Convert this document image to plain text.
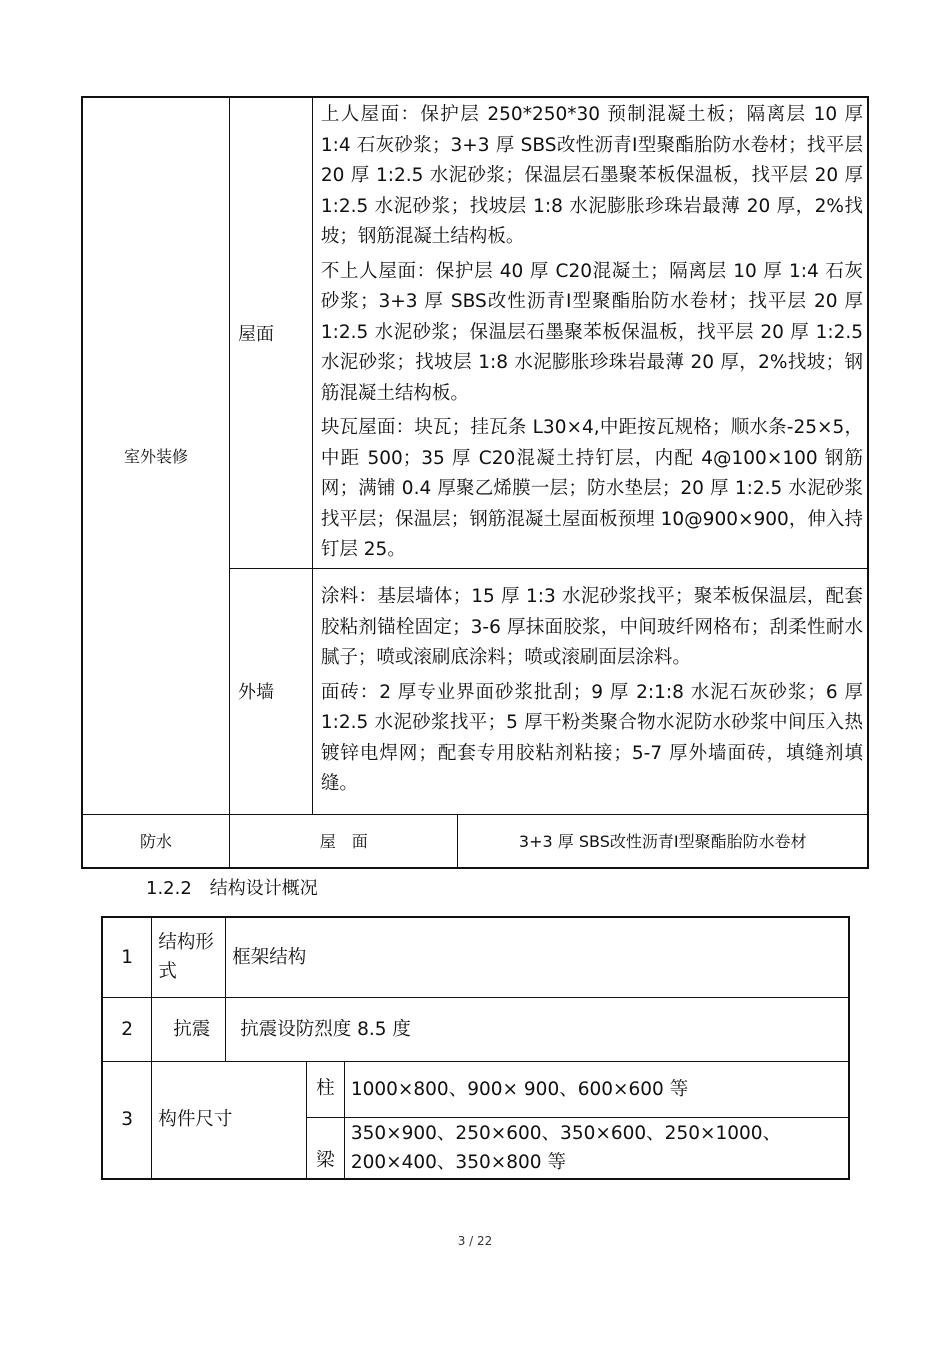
室外装修	屋面	上人屋面：保护层 250*250*30 预制混凝土板；隔离层 10 厚 1:4 石灰砂浆；3+3 厚 SBS改性沥青Ⅰ型聚酯胎防水卷材；找平层 20 厚 1:2.5 水泥砂浆；保温层石墨聚苯板保温板，找平层 20 厚 1:2.5 水泥砂浆；找坡层 1:8 水泥膨胀珍珠岩最薄 20 厚，2%找坡；钢筋混凝土结构板。

不上人屋面：保护层 40 厚 C20混凝土；隔离层 10 厚 1:4 石灰砂浆；3+3 厚 SBS改性沥青Ⅰ型聚酯胎防水卷材；找平层 20 厚 1:2.5 水泥砂浆；保温层石墨聚苯板保温板，找平层 20 厚 1:2.5 水泥砂浆；找坡层 1:8 水泥膨胀珍珠岩最薄 20 厚，2%找坡；钢筋混凝土结构板。

块瓦屋面：块瓦；挂瓦条 L30×4,中距按瓦规格；顺水条-25×5，中距 500；35 厚 C20混凝土持钉层，内配 4@100×100 钢筋网；满铺 0.4 厚聚乙烯膜一层；防水垫层；20 厚 1:2.5 水泥砂浆找平层；保温层；钢筋混凝土屋面板预埋 10@900×900，伸入持钉层 25。	

	外墙	涂料：基层墙体；15 厚 1:3 水泥砂浆找平；聚苯板保温层，配套胶粘剂锚栓固定；3-6 厚抹面胶浆，中间玻纤网格布；刮柔性耐水腻子；喷或滚刷底涂料；喷或滚刷面层涂料。

面砖：2 厚专业界面砂浆批刮；9 厚 2:1:8 水泥石灰砂浆；6 厚 1:2.5 水泥砂浆找平；5 厚干粉类聚合物水泥防水砂浆中间压入热镀锌电焊网；配套专用胶粘剂粘接；5-7 厚外墙面砖，填缝剂填缝。	

防水	屋　面		3+3 厚 SBS改性沥青Ⅰ型聚酯胎防水卷材
1.2.2　结构设计概况
1	结构形式	框架结构		
2	抗震	抗震设防烈度 8.5 度		
3	构件尺寸		柱	1000×800、900× 900、600×600 等
			梁	350×900、250×600、350×600、250×1000、200×400、350×800 等
3 / 22
